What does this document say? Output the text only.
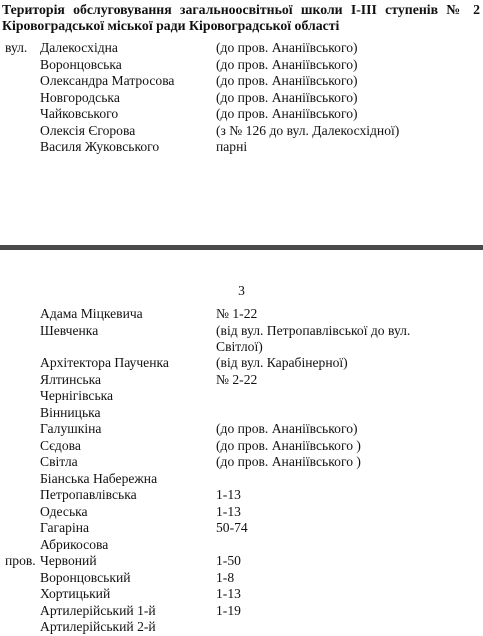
Територія обслуговування загальноосвітньої школи І-ІІІ ступенів № 2 Кіровоградської міської ради Кіровоградської області
вул. Далекосхідна	(до пров. Ананіївського)
Воронцовська	(до пров. Ананіївського)
Олександра Матросова	(до пров. Ананіївського)
Новгородська	(до пров. Ананіївського)
Чайковського	(до пров. Ананіївського)
Олексія Єгорова	(з № 126 до вул. Далекосхідної)
Василя Жуковського	парні
3
Адама Міцкевича	№ 1-22
Шевченка	(від вул. Петропавлівської до вул. Світлої)
Архітектора Паученка	(від вул. Карабінерної)
Ялтинська	№ 2-22
Чернігівська
Вінницька
Галушкіна	(до пров. Ананіївського)
Сєдова	(до пров. Ананіївського )
Світла	(до пров. Ананіївського )
Біанська Набережна
Петропавлівська	1-13
Одеська	1-13
Гагаріна	50-74
Абрикосова
пров. Червоний	1-50
Воронцовський	1-8
Хортицький	1-13
Артилерійський 1-й	1-19
Артилерійський 2-й
